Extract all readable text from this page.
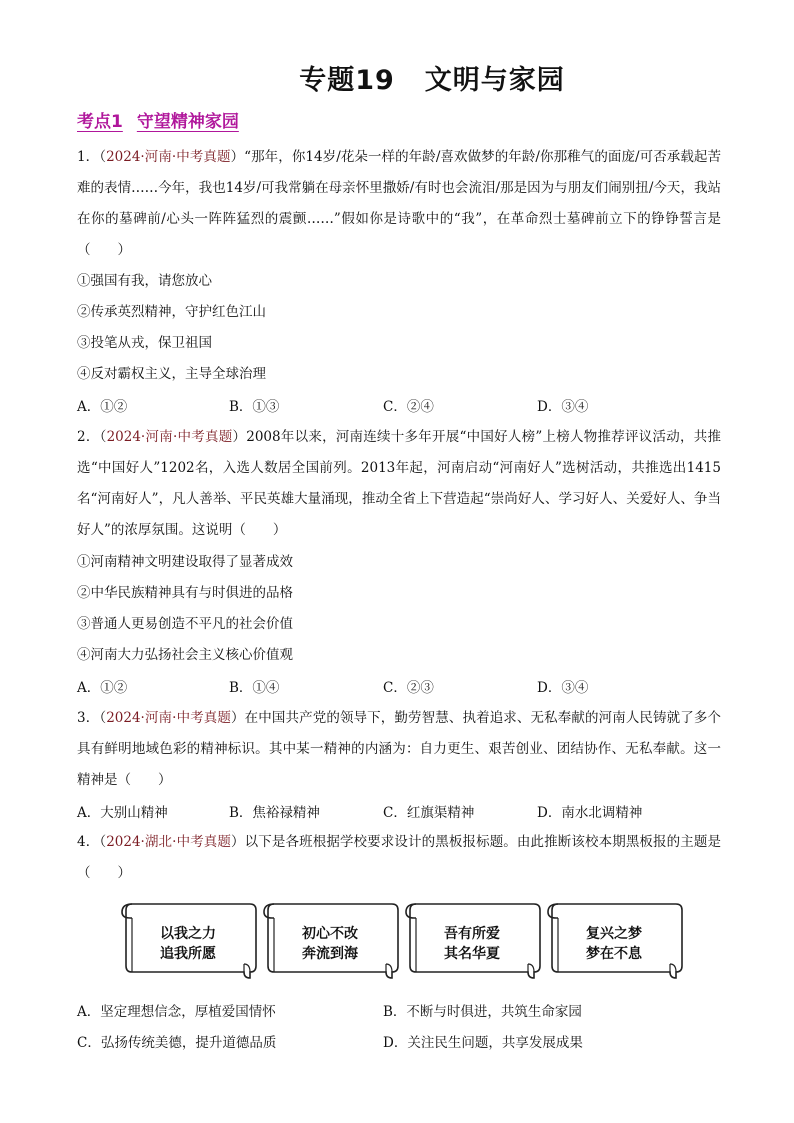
专题19 文明与家园
考点1 守望精神家园
1．（2024·河南·中考真题）“那年，你14岁/花朵一样的年龄/喜欢做梦的年龄/你那稚气的面庞/可否承载起苦难的表情……今年，我也14岁/可我常躺在母亲怀里撒娇/有时也会流泪/那是因为与朋友们闹别扭/今天，我站在你的墓碑前/心头一阵阵猛烈的震颤……”假如你是诗歌中的“我”，在革命烈士墓碑前立下的铮铮誓言是（　　）
①强国有我，请您放心
②传承英烈精神，守护红色江山
③投笔从戎，保卫祖国
④反对霸权主义，主导全球治理
A．①②	B．①③	C．②④	D．③④
2．（2024·河南·中考真题）2008年以来，河南连续十多年开展“中国好人榜”上榜人物推荐评议活动，共推选“中国好人”1202名，入选人数居全国前列。2013年起，河南启动“河南好人”选树活动，共推选出1415名“河南好人”，凡人善举、平民英雄大量涌现，推动全省上下营造起“崇尚好人、学习好人、关爱好人、争当好人”的浓厚氛围。这说明（　　）
①河南精神文明建设取得了显著成效
②中华民族精神具有与时俱进的品格
③普通人更易创造不平凡的社会价值
④河南大力弘扬社会主义核心价值观
A．①②	B．①④	C．②③	D．③④
3．（2024·河南·中考真题）在中国共产党的领导下，勤劳智慧、执着追求、无私奉献的河南人民铸就了多个具有鲜明地域色彩的精神标识。其中某一精神的内涵为：自力更生、艰苦创业、团结协作、无私奉献。这一精神是（　　）
A．大别山精神	B．焦裕禄精神	C．红旗渠精神	D．南水北调精神
4．（2024·湖北·中考真题）以下是各班根据学校要求设计的黑板报标题。由此推断该校本期黑板报的主题是（　　）
以我之力
追我所愿
初心不改
奔流到海
吾有所爱
其名华夏
复兴之梦
梦在不息
A．坚定理想信念，厚植爱国情怀	B．不断与时俱进，共筑生命家园
C．弘扬传统美德，提升道德品质	D．关注民生问题，共享发展成果
